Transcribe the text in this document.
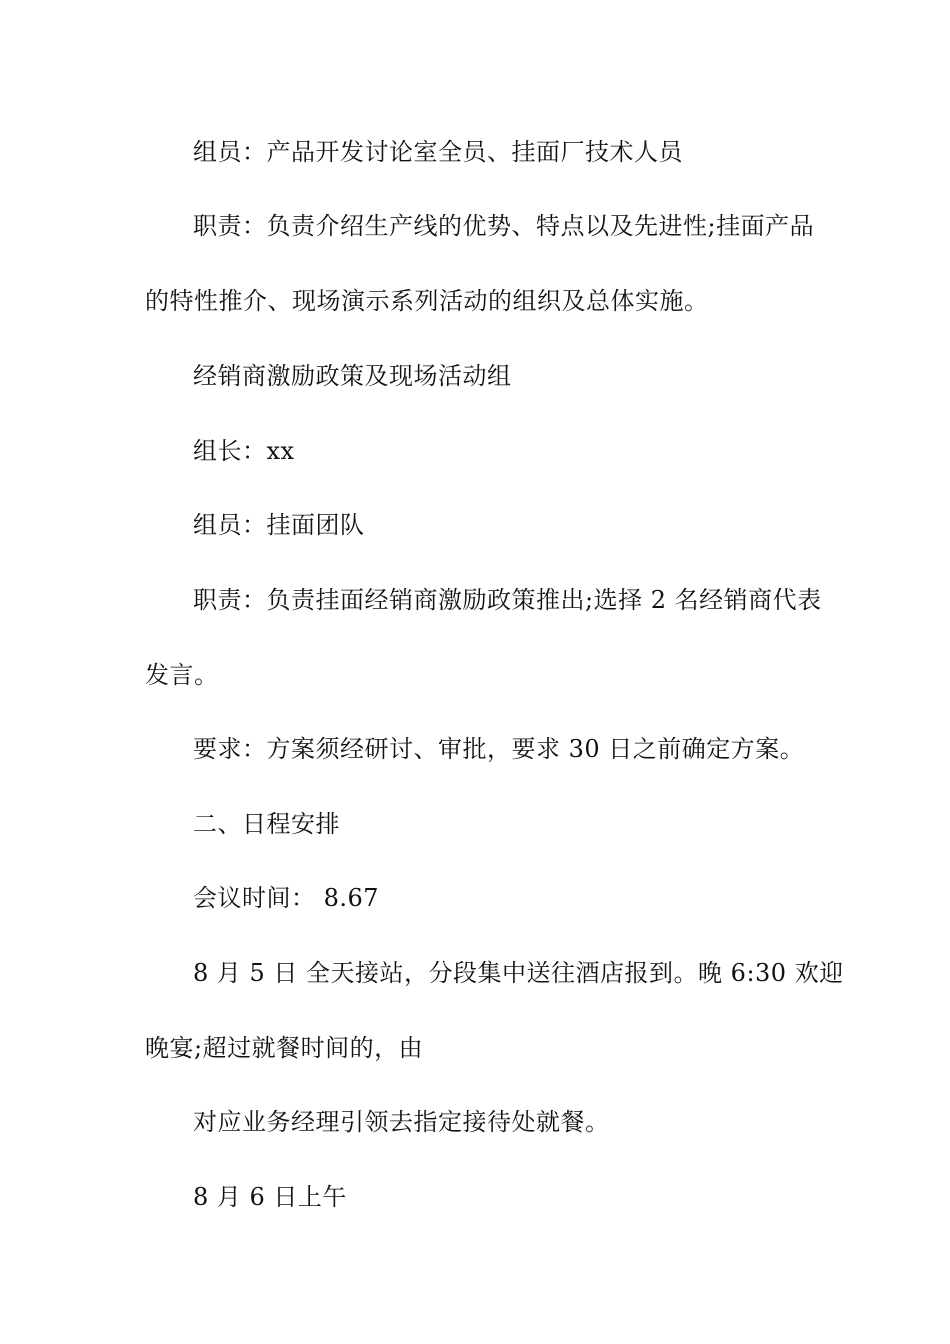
组员：产品开发讨论室全员、挂面厂技术人员

职责：负责介绍生产线的优势、特点以及先进性;挂面产品

的特性推介、现场演示系列活动的组织及总体实施。

经销商激励政策及现场活动组

组长：xx

组员：挂面团队

职责：负责挂面经销商激励政策推出;选择 2 名经销商代表

发言。

要求：方案须经研讨、审批，要求 30 日之前确定方案。

二、日程安排

会议时间： 8.67

8 月 5 日 全天接站，分段集中送往酒店报到。晚 6:30 欢迎

晚宴;超过就餐时间的，由

对应业务经理引领去指定接待处就餐。

8 月 6 日上午
